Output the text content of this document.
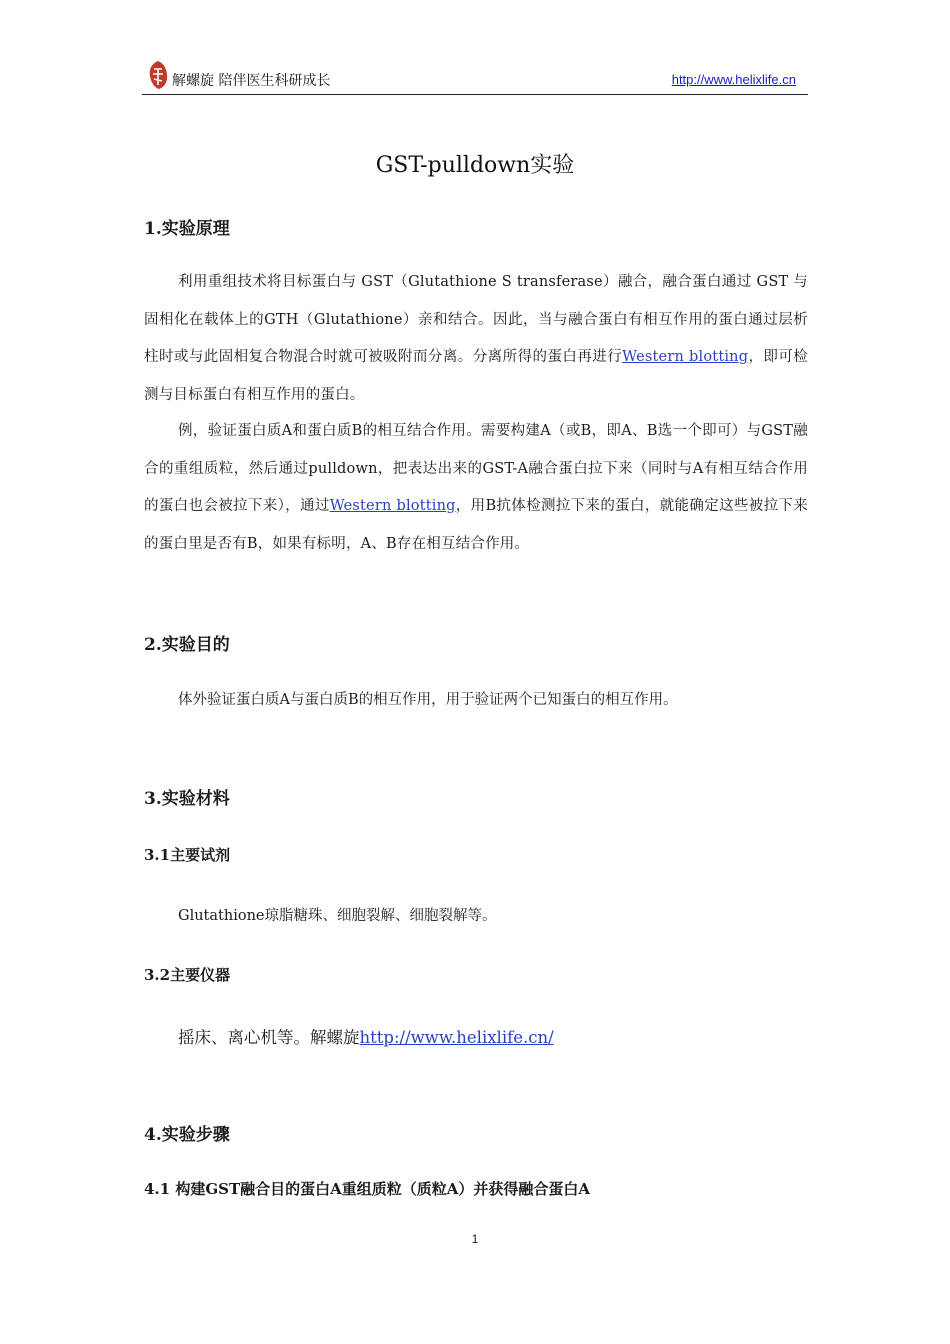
解螺旋 陪伴医生科研成长	http://www.helixlife.cn
GST-pulldown实验
1.实验原理
利用重组技术将目标蛋白与 GST（Glutathione S transferase）融合，融合蛋白通过 GST 与固相化在载体上的GTH（Glutathione）亲和结合。因此，当与融合蛋白有相互作用的蛋白通过层析柱时或与此固相复合物混合时就可被吸附而分离。分离所得的蛋白再进行Western blotting，即可检测与目标蛋白有相互作用的蛋白。
例，验证蛋白质A和蛋白质B的相互结合作用。需要构建A（或B，即A、B选一个即可）与GST融合的重组质粒，然后通过pulldown，把表达出来的GST-A融合蛋白拉下来（同时与A有相互结合作用的蛋白也会被拉下来），通过Western blotting，用B抗体检测拉下来的蛋白，就能确定这些被拉下来的蛋白里是否有B，如果有标明，A、B存在相互结合作用。
2.实验目的
体外验证蛋白质A与蛋白质B的相互作用，用于验证两个已知蛋白的相互作用。
3.实验材料
3.1主要试剂
Glutathione琼脂糖珠、细胞裂解、细胞裂解等。
3.2主要仪器
摇床、离心机等。解螺旋http://www.helixlife.cn/
4.实验步骤
4.1 构建GST融合目的蛋白A重组质粒（质粒A）并获得融合蛋白A
1
